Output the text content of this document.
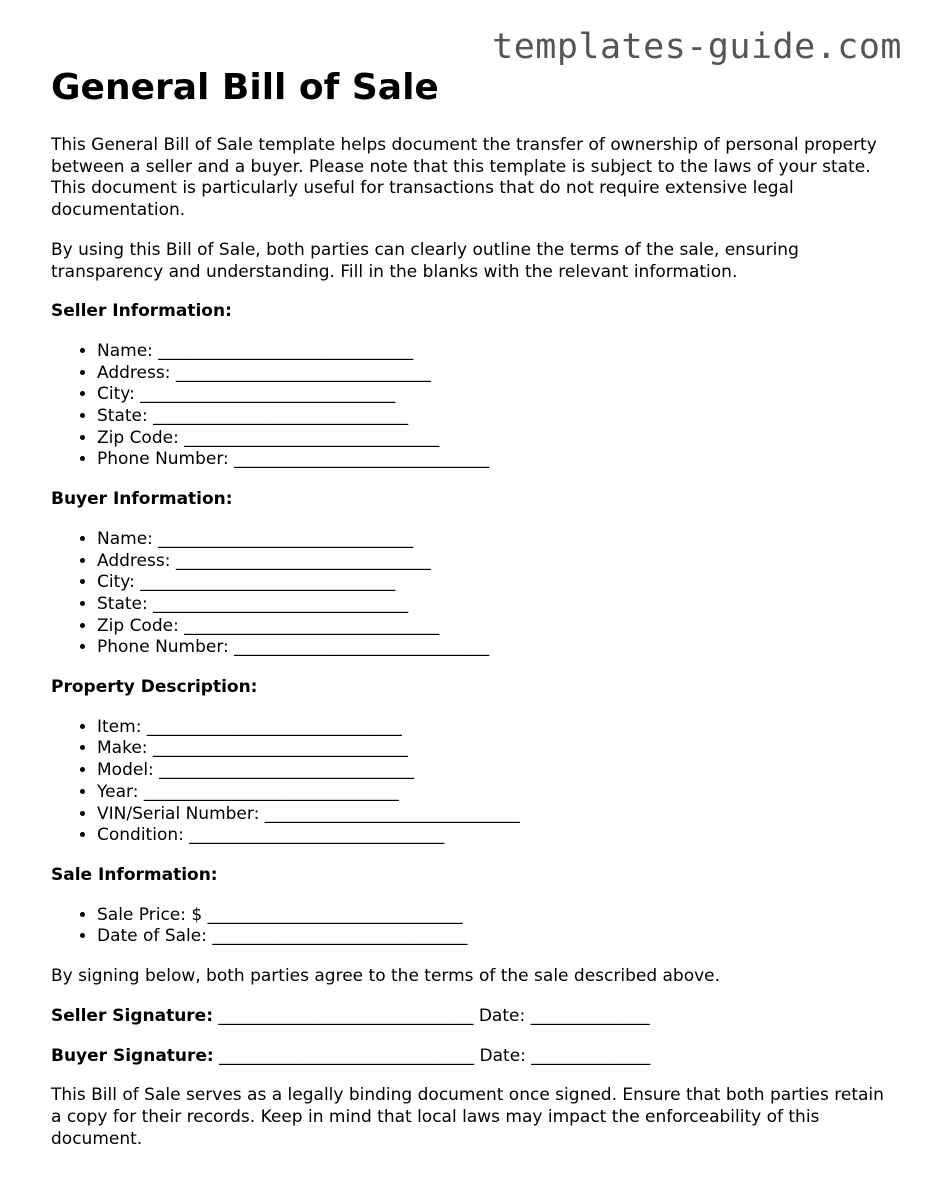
templates-guide.com
General Bill of Sale

This General Bill of Sale template helps document the transfer of ownership of personal property between a seller and a buyer. Please note that this template is subject to the laws of your state. This document is particularly useful for transactions that do not require extensive legal documentation.

By using this Bill of Sale, both parties can clearly outline the terms of the sale, ensuring transparency and understanding. Fill in the blanks with the relevant information.

Seller Information:
• Name: ______________________________
• Address: ______________________________
• City: ______________________________
• State: ______________________________
• Zip Code: ______________________________
• Phone Number: ______________________________
Buyer Information:
• Name: ______________________________
• Address: ______________________________
• City: ______________________________
• State: ______________________________
• Zip Code: ______________________________
• Phone Number: ______________________________
Property Description:
• Item: ______________________________
• Make: ______________________________
• Model: ______________________________
• Year: ______________________________
• VIN/Serial Number: ______________________________
• Condition: ______________________________
Sale Information:
• Sale Price: $ ______________________________
• Date of Sale: ______________________________

By signing below, both parties agree to the terms of the sale described above.

Seller Signature: ______________________________ Date: ______________
Buyer Signature: ______________________________ Date: ______________

This Bill of Sale serves as a legally binding document once signed. Ensure that both parties retain a copy for their records. Keep in mind that local laws may impact the enforceability of this document.
